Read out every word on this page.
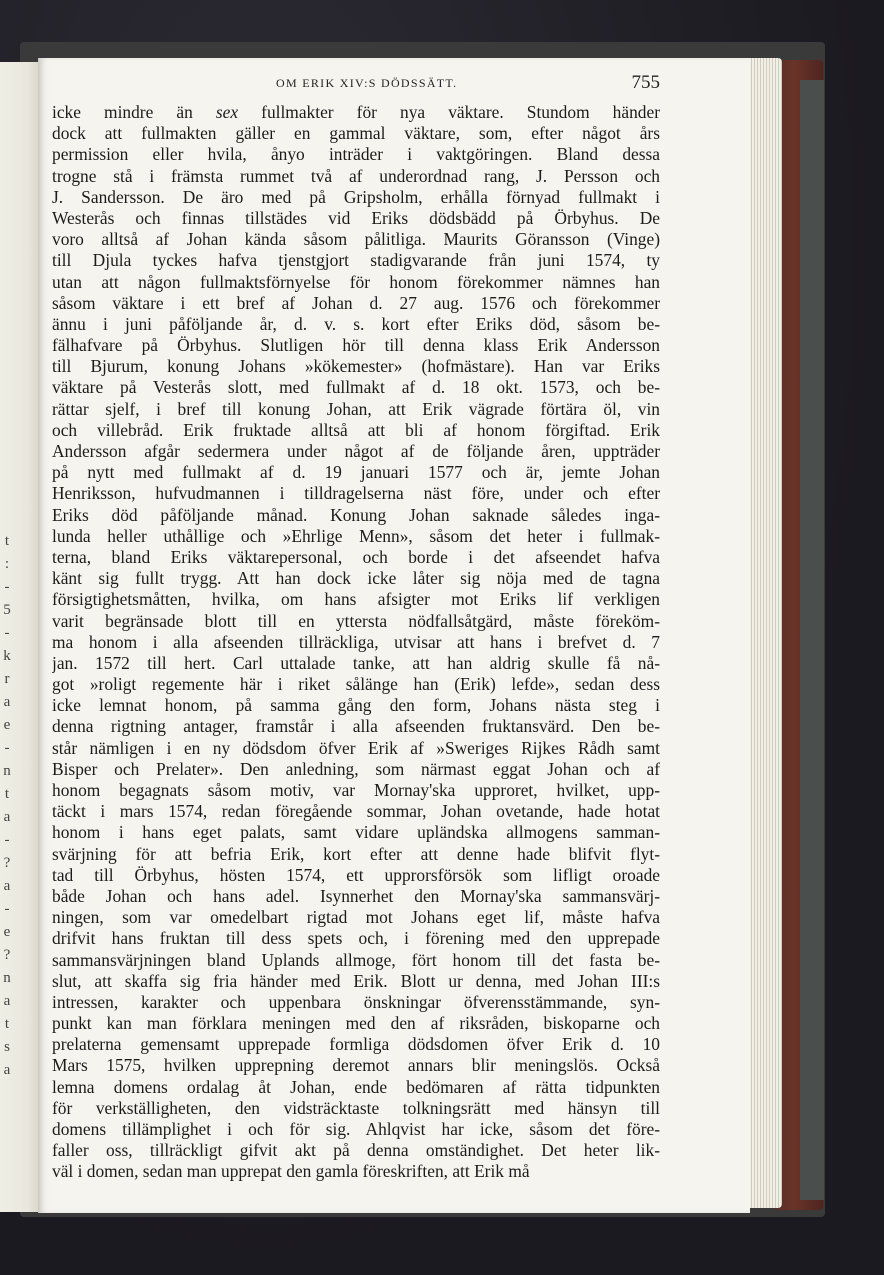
t
:
-
5
-
k
r
a
e
-
n
t
a
-
?
a
-
e
?
n
a
t
s
a
OM ERIK XIV:S DÖDSSÄTT.	755
icke mindre än sex fullmakter för nya väktare. Stundom händer
dock att fullmakten gäller en gammal väktare, som, efter något års
permission eller hvila, ånyo inträder i vaktgöringen. Bland dessa
trogne stå i främsta rummet två af underordnad rang, J. Persson och
J. Sandersson. De äro med på Gripsholm, erhålla förnyad fullmakt i
Westerås och finnas tillstädes vid Eriks dödsbädd på Örbyhus. De
voro alltså af Johan kända såsom pålitliga. Maurits Göransson (Vinge)
till Djula tyckes hafva tjenstgjort stadigvarande från juni 1574, ty
utan att någon fullmaktsförnyelse för honom förekommer nämnes han
såsom väktare i ett bref af Johan d. 27 aug. 1576 och förekommer
ännu i juni påföljande år, d. v. s. kort efter Eriks död, såsom be-
fälhafvare på Örbyhus. Slutligen hör till denna klass Erik Andersson
till Bjurum, konung Johans »kökemester» (hofmästare). Han var Eriks
väktare på Vesterås slott, med fullmakt af d. 18 okt. 1573, och be-
rättar sjelf, i bref till konung Johan, att Erik vägrade förtära öl, vin
och villebråd. Erik fruktade alltså att bli af honom förgiftad. Erik
Andersson afgår sedermera under något af de följande åren, uppträder
på nytt med fullmakt af d. 19 januari 1577 och är, jemte Johan
Henriksson, hufvudmannen i tilldragelserna näst före, under och efter
Eriks död påföljande månad. Konung Johan saknade således inga-
lunda heller uthållige och »Ehrlige Menn», såsom det heter i fullmak-
terna, bland Eriks väktarepersonal, och borde i det afseendet hafva
känt sig fullt trygg. Att han dock icke låter sig nöja med de tagna
försigtighetsmåtten, hvilka, om hans afsigter mot Eriks lif verkligen
varit begränsade blott till en yttersta nödfallsåtgärd, måste föreköm-
ma honom i alla afseenden tillräckliga, utvisar att hans i brefvet d. 7
jan. 1572 till hert. Carl uttalade tanke, att han aldrig skulle få nå-
got »roligt regemente här i riket sålänge han (Erik) lefde», sedan dess
icke lemnat honom, på samma gång den form, Johans nästa steg i
denna rigtning antager, framstår i alla afseenden fruktansvärd. Den be-
står nämligen i en ny dödsdom öfver Erik af »Sweriges Rijkes Rådh samt
Bisper och Prelater». Den anledning, som närmast eggat Johan och af
honom begagnats såsom motiv, var Mornay'ska upproret, hvilket, upp-
täckt i mars 1574, redan föregående sommar, Johan ovetande, hade hotat
honom i hans eget palats, samt vidare upländska allmogens samman-
svärjning för att befria Erik, kort efter att denne hade blifvit flyt-
tad till Örbyhus, hösten 1574, ett upprorsförsök som lifligt oroade
både Johan och hans adel. Isynnerhet den Mornay'ska sammansvärj-
ningen, som var omedelbart rigtad mot Johans eget lif, måste hafva
drifvit hans fruktan till dess spets och, i förening med den upprepade
sammansvärjningen bland Uplands allmoge, fört honom till det fasta be-
slut, att skaffa sig fria händer med Erik. Blott ur denna, med Johan III:s
intressen, karakter och uppenbara önskningar öfverensstämmande, syn-
punkt kan man förklara meningen med den af riksråden, biskoparne och
prelaterna gemensamt upprepade formliga dödsdomen öfver Erik d. 10
Mars 1575, hvilken upprepning deremot annars blir meningslös. Också
lemna domens ordalag åt Johan, ende bedömaren af rätta tidpunkten
för verkställigheten, den vidsträcktaste tolkningsrätt med hänsyn till
domens tillämplighet i och för sig. Ahlqvist har icke, såsom det före-
faller oss, tillräckligt gifvit akt på denna omständighet. Det heter lik-
väl i domen, sedan man upprepat den gamla föreskriften, att Erik må
